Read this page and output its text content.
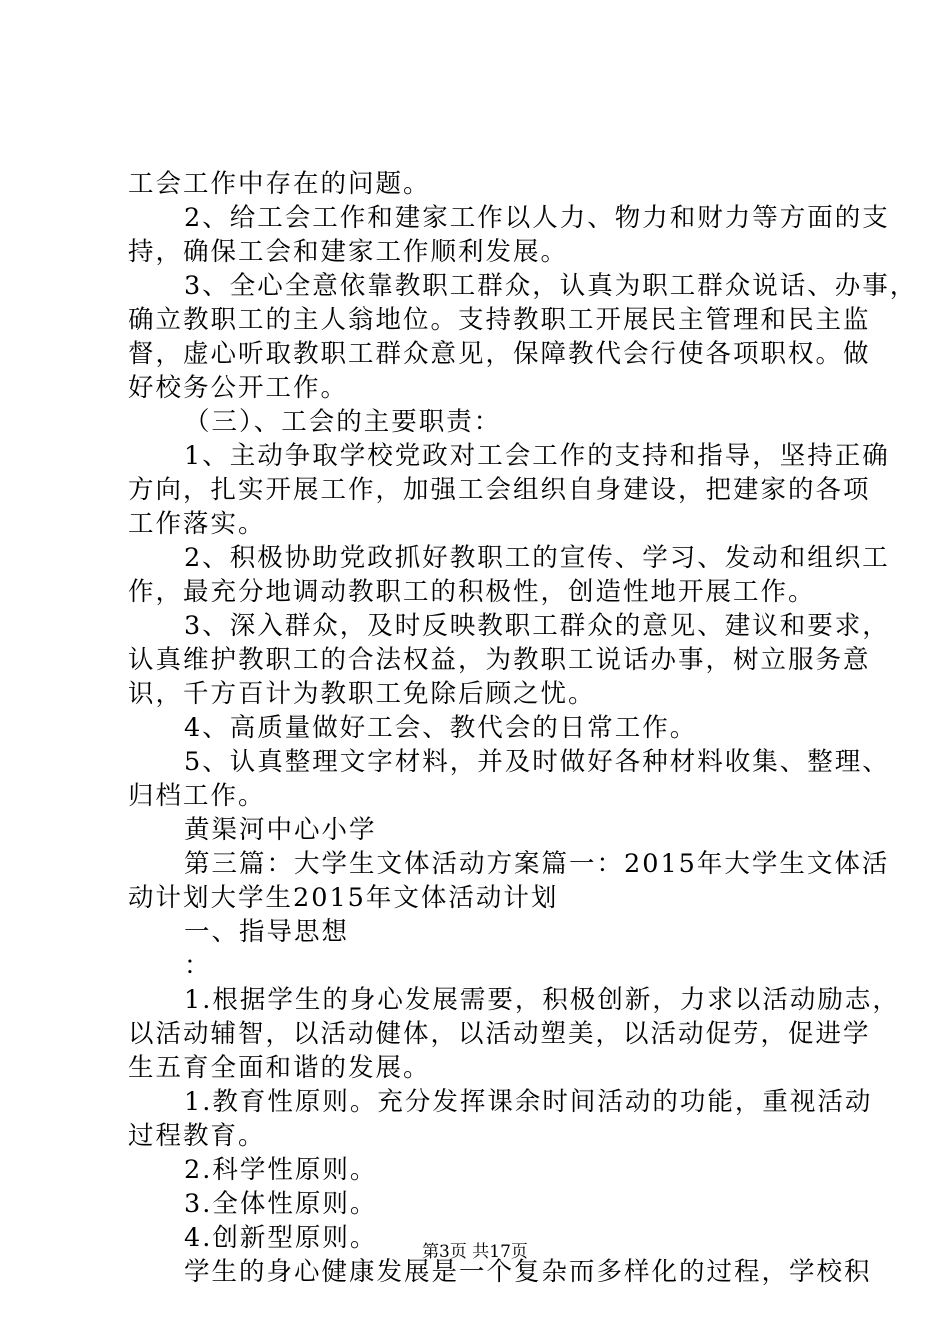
工会工作中存在的问题。
2、给工会工作和建家工作以人力、物力和财力等方面的支
持，确保工会和建家工作顺利发展。
3、全心全意依靠教职工群众，认真为职工群众说话、办事，
确立教职工的主人翁地位。支持教职工开展民主管理和民主监
督，虚心听取教职工群众意见，保障教代会行使各项职权。做
好校务公开工作。
（三）、工会的主要职责：
1、主动争取学校党政对工会工作的支持和指导，坚持正确
方向，扎实开展工作，加强工会组织自身建设，把建家的各项
工作落实。
2、积极协助党政抓好教职工的宣传、学习、发动和组织工
作，最充分地调动教职工的积极性，创造性地开展工作。
3、深入群众，及时反映教职工群众的意见、建议和要求，
认真维护教职工的合法权益，为教职工说话办事，树立服务意
识，千方百计为教职工免除后顾之忧。
4、高质量做好工会、教代会的日常工作。
5、认真整理文字材料，并及时做好各种材料收集、整理、
归档工作。
黄渠河中心小学
第三篇：大学生文体活动方案篇一：2015年大学生文体活
动计划大学生2015年文体活动计划
一、指导思想
：
1.根据学生的身心发展需要，积极创新，力求以活动励志，
以活动辅智，以活动健体，以活动塑美，以活动促劳，促进学
生五育全面和谐的发展。
1.教育性原则。充分发挥课余时间活动的功能，重视活动
过程教育。
2.科学性原则。
3.全体性原则。
4.创新型原则。
学生的身心健康发展是一个复杂而多样化的过程，学校积
第3页 共17页
